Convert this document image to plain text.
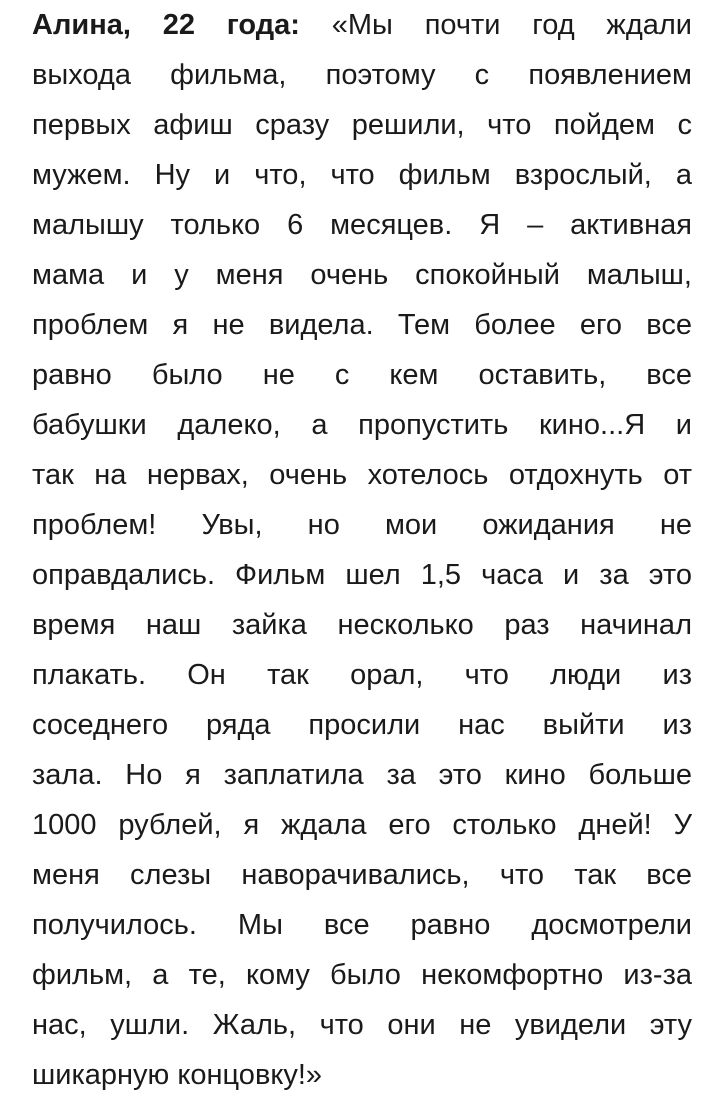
Алина, 22 года: «Мы почти год ждали
выхода фильма, поэтому с появлением
первых афиш сразу решили, что пойдем с
мужем. Ну и что, что фильм взрослый, а
малышу только 6 месяцев. Я – активная
мама и у меня очень спокойный малыш,
проблем я не видела. Тем более его все
равно было не с кем оставить, все
бабушки далеко, а пропустить кино...Я и
так на нервах, очень хотелось отдохнуть от
проблем! Увы, но мои ожидания не
оправдались. Фильм шел 1,5 часа и за это
время наш зайка несколько раз начинал
плакать. Он так орал, что люди из
соседнего ряда просили нас выйти из
зала. Но я заплатила за это кино больше
1000 рублей, я ждала его столько дней! У
меня слезы наворачивались, что так все
получилось. Мы все равно досмотрели
фильм, а те, кому было некомфортно из-за
нас, ушли. Жаль, что они не увидели эту
шикарную концовку!»
